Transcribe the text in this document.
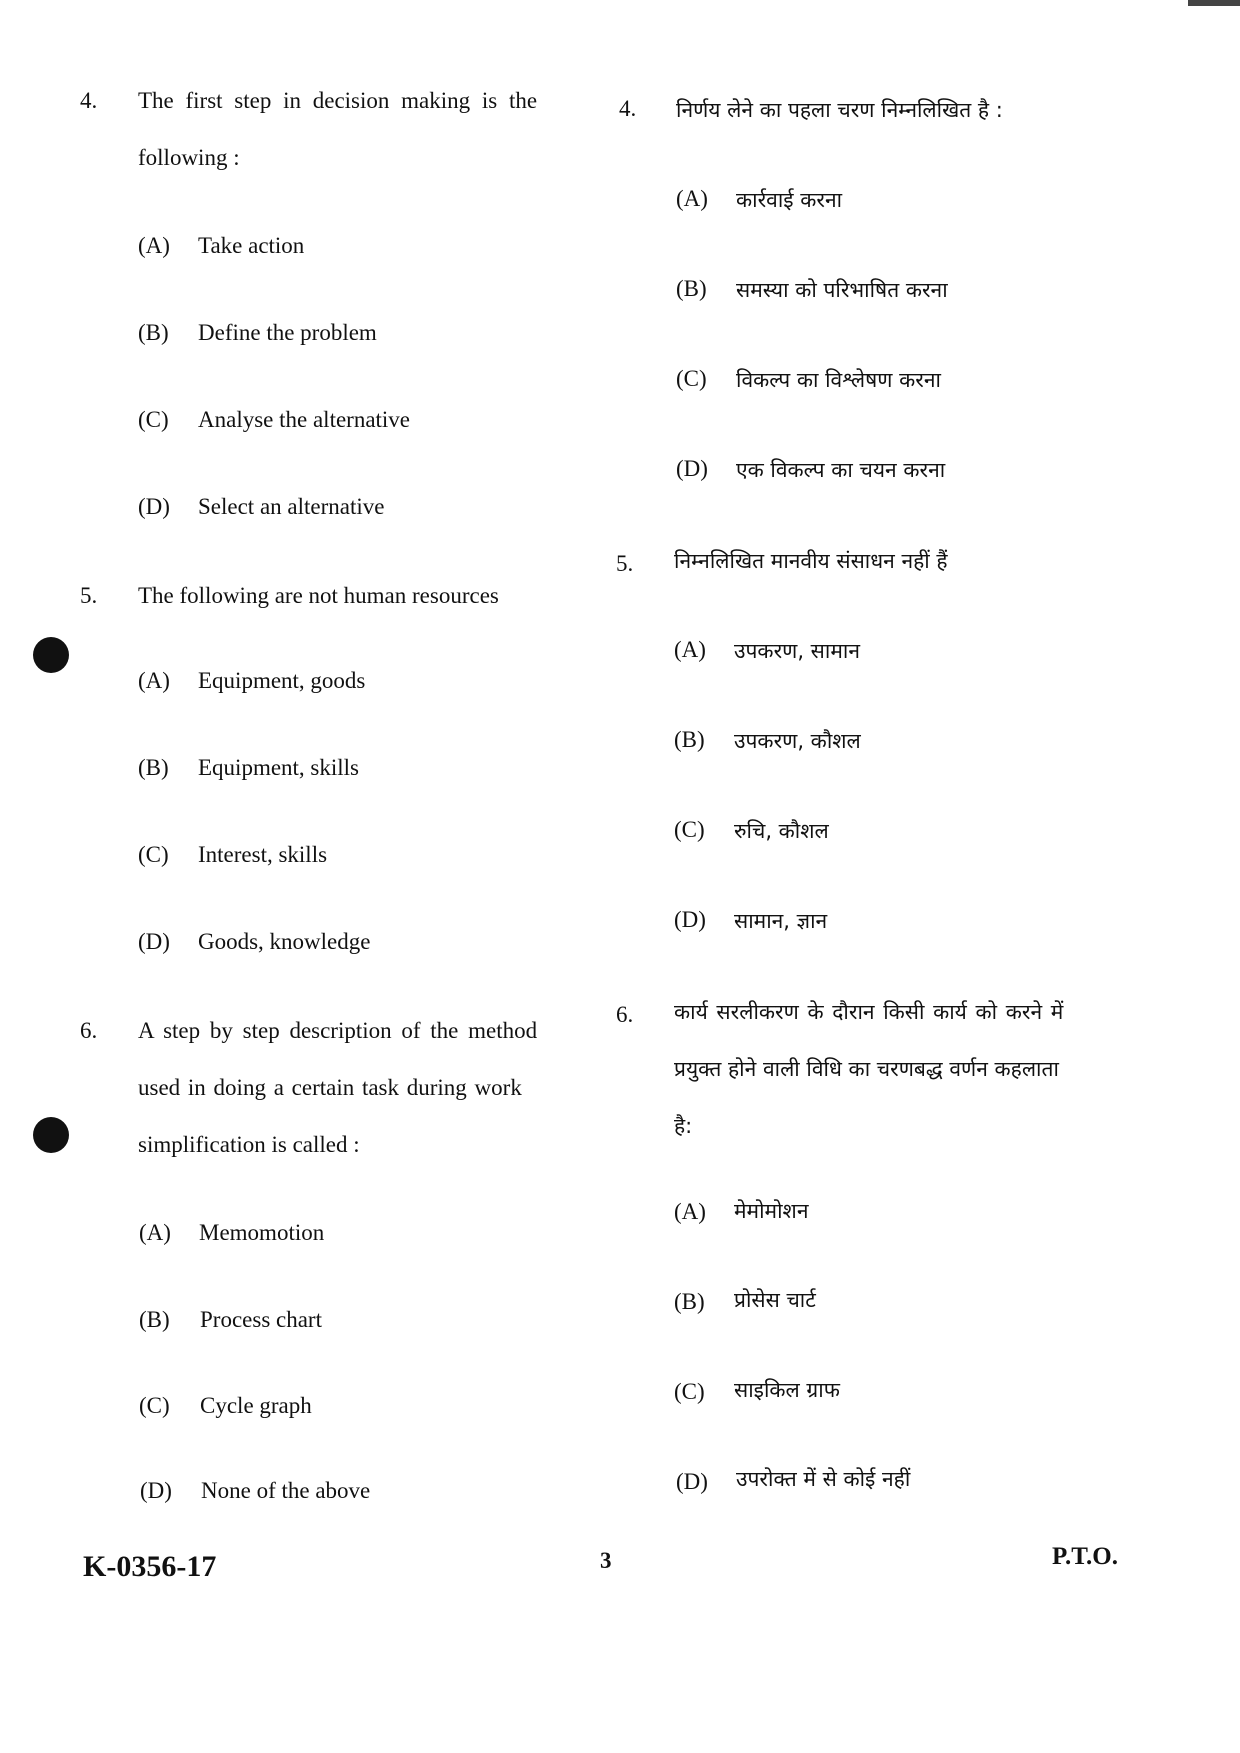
4. The first step in decision making is the
following :
(A) Take action
(B) Define the problem
(C) Analyse the alternative
(D) Select an alternative
5. The following are not human resources
(A) Equipment, goods
(B) Equipment, skills
(C) Interest, skills
(D) Goods, knowledge
6. A step by step description of the method
used in doing a certain task during work
simplification is called :
(A) Memomotion
(B) Process chart
(C) Cycle graph
(D) None of the above
4. निर्णय लेने का पहला चरण निम्नलिखित है :
(A) कार्रवाई करना
(B) समस्या को परिभाषित करना
(C) विकल्प का विश्लेषण करना
(D) एक विकल्प का चयन करना
5. निम्नलिखित मानवीय संसाधन नहीं हैं
(A) उपकरण, सामान
(B) उपकरण, कौशल
(C) रुचि, कौशल
(D) सामान, ज्ञान
6. कार्य सरलीकरण के दौरान किसी कार्य को करने में
प्रयुक्त होने वाली विधि का चरणबद्ध वर्णन कहलाता
है:
(A) मेमोमोशन
(B) प्रोसेस चार्ट
(C) साइकिल ग्राफ
(D) उपरोक्त में से कोई नहीं
K-0356-17	3	P.T.O.
